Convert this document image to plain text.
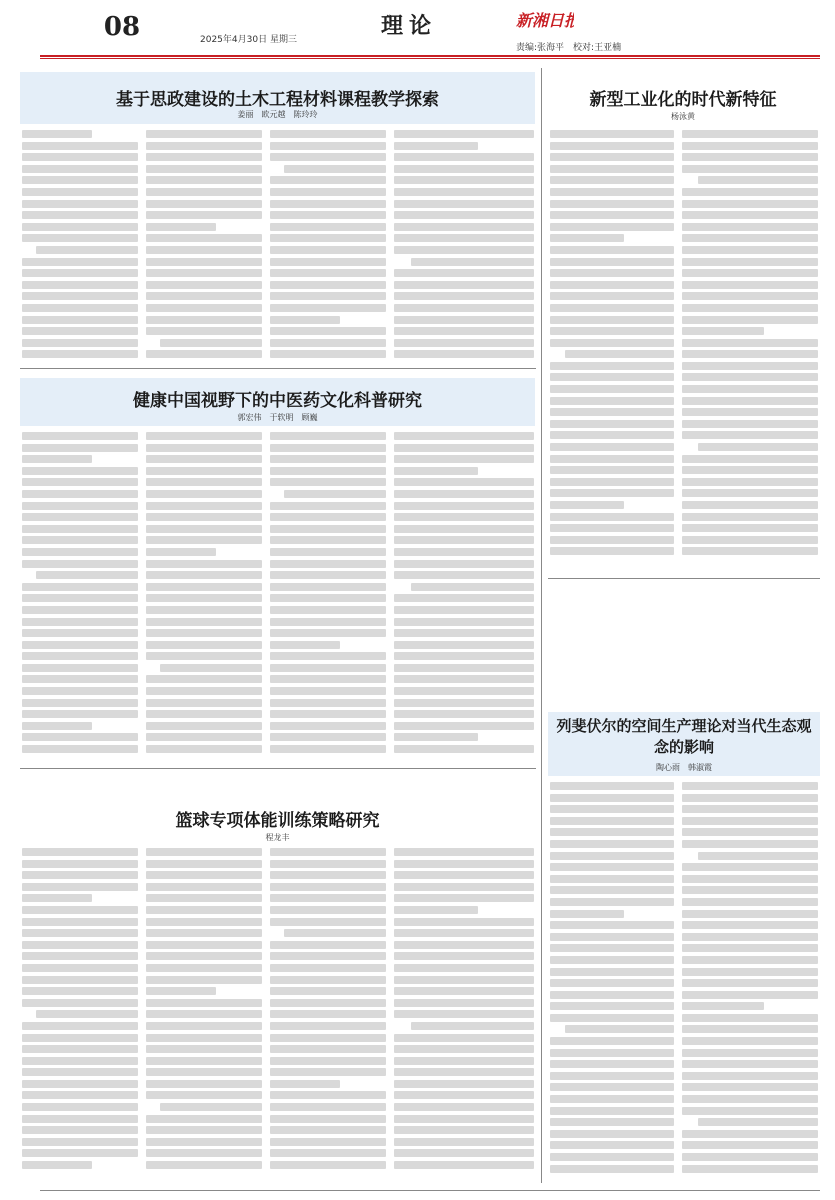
08	2025年4月30日 星期三
理论	新湘日报
责编:张海平　校对:王亚楠
基于思政建设的土木工程材料课程教学探索
姜丽　欧元越　陈玲玲
新型工业化的时代新特征
杨泳黄
健康中国视野下的中医药文化科普研究
郭宏伟　于软明　顾巍
列斐伏尔的空间生产理论对当代生态观念的影响
陶心雨　韩淑霞
篮球专项体能训练策略研究
程龙丰
